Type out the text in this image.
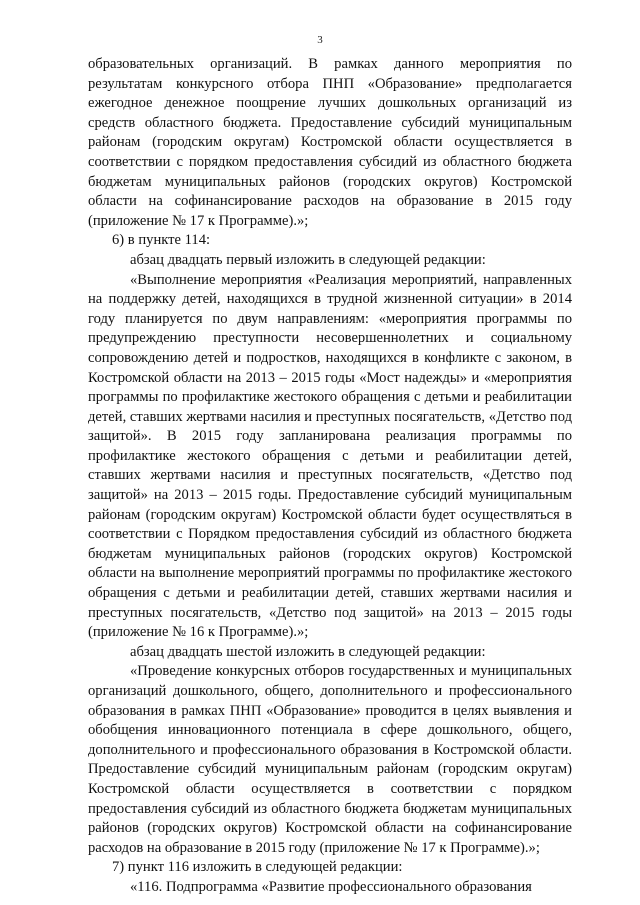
3

образовательных организаций. В рамках данного мероприятия по результатам конкурсного отбора ПНП «Образование» предполагается ежегодное денежное поощрение лучших дошкольных организаций из средств областного бюджета. Предоставление субсидий муниципальным районам (городским округам) Костромской области осуществляется в соответствии с порядком предоставления субсидий из областного бюджета бюджетам муниципальных районов (городских округов) Костромской области на софинансирование расходов на образование в 2015 году (приложение № 17 к Программе).»;

6) в пункте 114:

абзац двадцать первый изложить в следующей редакции:

«Выполнение мероприятия «Реализация мероприятий, направленных на поддержку детей, находящихся в трудной жизненной ситуации» в 2014 году планируется по двум направлениям: «мероприятия программы по предупреждению преступности несовершеннолетних и социальному сопровождению детей и подростков, находящихся в конфликте с законом, в Костромской области на 2013 – 2015 годы «Мост надежды» и «мероприятия программы по профилактике жестокого обращения с детьми и реабилитации детей, ставших жертвами насилия и преступных посягательств, «Детство под защитой». В 2015 году запланирована реализация программы по профилактике жестокого обращения с детьми и реабилитации детей, ставших жертвами насилия и преступных посягательств, «Детство под защитой» на 2013 – 2015 годы. Предоставление субсидий муниципальным районам (городским округам) Костромской области будет осуществляться в соответствии с Порядком предоставления субсидий из областного бюджета бюджетам муниципальных районов (городских округов) Костромской области на выполнение мероприятий программы по профилактике жестокого обращения с детьми и реабилитации детей, ставших жертвами насилия и преступных посягательств, «Детство под защитой» на 2013 – 2015 годы (приложение № 16 к Программе).»;

абзац двадцать шестой изложить в следующей редакции:

«Проведение конкурсных отборов государственных и муниципальных организаций дошкольного, общего, дополнительного и профессионального образования в рамках ПНП «Образование» проводится в целях выявления и обобщения инновационного потенциала в сфере дошкольного, общего, дополнительного и профессионального образования в Костромской области. Предоставление субсидий муниципальным районам (городским округам) Костромской области осуществляется в соответствии с порядком предоставления субсидий из областного бюджета бюджетам муниципальных районов (городских округов) Костромской области на софинансирование расходов на образование в 2015 году (приложение № 17 к Программе).»;

7) пункт 116 изложить в следующей редакции:

«116. Подпрограмма «Развитие профессионального образования
